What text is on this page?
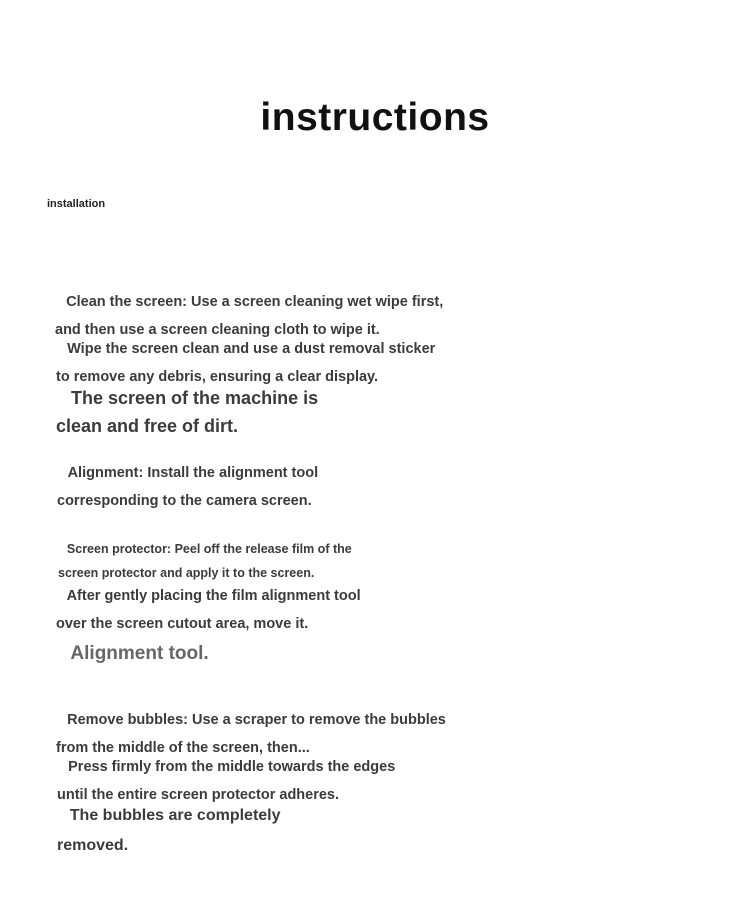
instructions
installation

Clean the screen: Use a screen cleaning wet wipe first,

and then use a screen cleaning cloth to wipe it.

Wipe the screen clean and use a dust removal sticker

to remove any debris, ensuring a clear display.

The screen of the machine is

clean and free of dirt.

Alignment: Install the alignment tool

corresponding to the camera screen.

Screen protector: Peel off the release film of the

screen protector and apply it to the screen.

After gently placing the film alignment tool

over the screen cutout area, move it.

Alignment tool.

Remove bubbles: Use a scraper to remove the bubbles

from the middle of the screen, then...

Press firmly from the middle towards the edges

until the entire screen protector adheres.

The bubbles are completely

removed.
